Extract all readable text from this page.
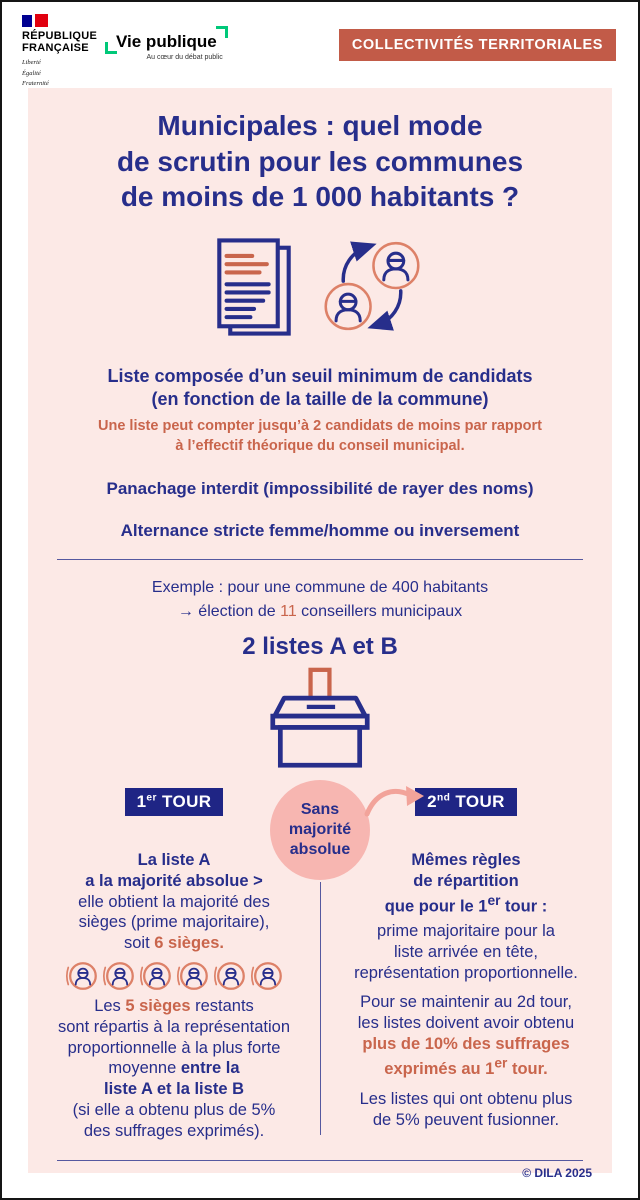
RÉPUBLIQUE
FRANÇAISE
Liberté
Égalité
Fraternité
Vie publique
Au cœur du débat public
COLLECTIVITÉS TERRITORIALES
Municipales : quel mode
de scrutin pour les communes
de moins de 1 000 habitants ?
Liste composée d’un seuil minimum de candidats
(en fonction de la taille de la commune)

Une liste peut compter jusqu’à 2 candidats de moins par rapport
à l’effectif théorique du conseil municipal.

Panachage interdit (impossibilité de rayer des noms)

Alternance stricte femme/homme ou inversement

Exemple : pour une commune de 400 habitants
→ élection de 11 conseillers municipaux

2 listes A et B
Sans
majorité
absolue
1er TOUR

La liste A
a la majorité absolue >

elle obtient la majorité des
sièges (prime majoritaire),
soit 6 sièges.

Les 5 sièges restants
sont répartis à la représentation
proportionnelle à la plus forte
moyenne entre la
liste A et la liste B
(si elle a obtenu plus de 5%
des suffrages exprimés).

2nd TOUR

Mêmes règles
de répartition
que pour le 1er tour :

prime majoritaire pour la
liste arrivée en tête,
représentation proportionnelle.

Pour se maintenir au 2d tour,
les listes doivent avoir obtenu
plus de 10% des suffrages
exprimés au 1er tour.

Les listes qui ont obtenu plus
de 5% peuvent fusionner.

© DILA 2025
